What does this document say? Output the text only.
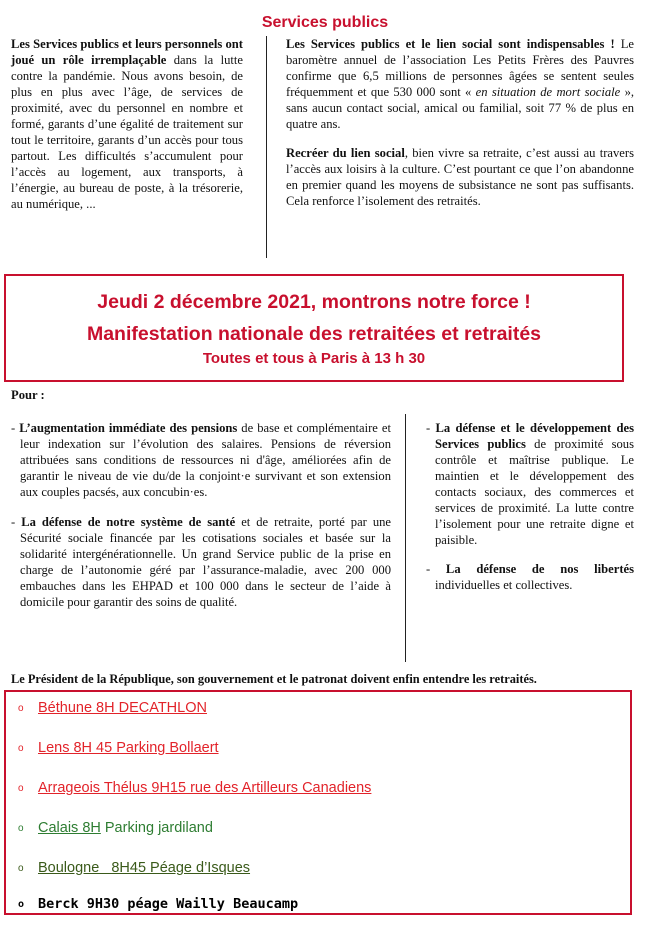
Services publics

Les Services publics et leurs personnels ont joué un rôle irremplaçable dans la lutte contre la pandémie. Nous avons besoin, de plus en plus avec l’âge, de services de proximité, avec du personnel en nombre et formé, garants d’une égalité de traitement sur tout le territoire, garants d’un accès pour tous partout. Les difficultés s’accumulent pour l’accès au logement, aux transports, à l’énergie, au bureau de poste, à la trésorerie, au numérique, ...

Les Services publics et le lien social sont indispensables ! Le baromètre annuel de l’association Les Petits Frères des Pauvres confirme que 6,5 millions de personnes âgées se sentent seules fréquemment et que 530 000 sont « en situation de mort sociale », sans aucun contact social, amical ou familial, soit 77 % de plus en quatre ans.

Recréer du lien social, bien vivre sa retraite, c’est aussi au travers l’accès aux loisirs à la culture. C’est pourtant ce que l’on abandonne en premier quand les moyens de subsistance ne sont pas suffisants. Cela renforce l’isolement des retraités.

Jeudi 2 décembre 2021, montrons notre force !
Manifestation nationale des retraitées et retraités
Toutes et tous à Paris à 13 h 30
Pour :

- L’augmentation immédiate des pensions de base et complémentaire et leur indexation sur l’évolution des salaires. Pensions de réversion attribuées sans conditions de ressources ni d'âge, améliorées afin de garantir le niveau de vie du/de la conjoint·e survivant et son extension aux couples pacsés, aux concubin·es.

- La défense de notre système de santé et de retraite, porté par une Sécurité sociale financée par les cotisations sociales et basée sur la solidarité intergénérationnelle. Un grand Service public de la prise en charge de l’autonomie géré par l’assurance-maladie, avec 200 000 embauches dans les EHPAD et 100 000 dans le secteur de l’aide à domicile pour garantir des soins de qualité.

- La défense et le développement des Services publics de proximité sous contrôle et maîtrise publique. Le maintien et le développement des contacts sociaux, des commerces et services de proximité. La lutte contre l’isolement pour une retraite digne et paisible.

- La défense de nos libertés individuelles et collectives.

Le Président de la République, son gouvernement et le patronat doivent enfin entendre les retraités.
o Béthune 8H DECATHLON
o Lens 8H 45 Parking Bollaert
o Arrageois Thélus 9H15 rue des Artilleurs Canadiens
o Calais 8H Parking jardiland
o Boulogne   8H45 Péage d’Isques
o Berck 9H30 péage Wailly Beaucamp
